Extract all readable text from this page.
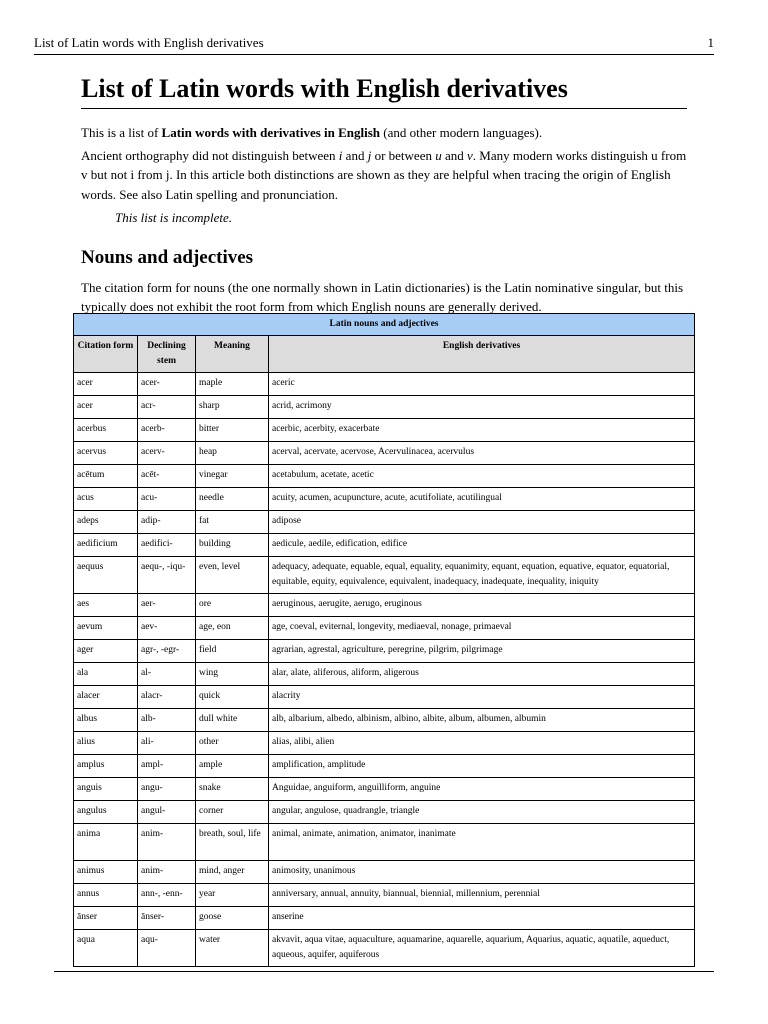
List of Latin words with English derivatives	1
List of Latin words with English derivatives

This is a list of Latin words with derivatives in English (and other modern languages).

Ancient orthography did not distinguish between i and j or between u and v. Many modern works distinguish u from v but not i from j. In this article both distinctions are shown as they are helpful when tracing the origin of English words. See also Latin spelling and pronunciation.

This list is incomplete.

Nouns and adjectives

The citation form for nouns (the one normally shown in Latin dictionaries) is the Latin nominative singular, but this typically does not exhibit the root form from which English nouns are generally derived.

Latin nouns and adjectives			
Citation form	Declining stem	Meaning	English derivatives
acer	acer-	maple	aceric
acer	acr-	sharp	acrid, acrimony
acerbus	acerb-	bitter	acerbic, acerbity, exacerbate
acervus	acerv-	heap	acerval, acervate, acervose, Acervulinacea, acervulus
acētum	acēt-	vinegar	acetabulum, acetate, acetic
acus	acu-	needle	acuity, acumen, acupuncture, acute, acutifoliate, acutilingual
adeps	adip-	fat	adipose
aedificium	aedifici-	building	aedicule, aedile, edification, edifice
aequus	aequ-, -iqu-	even, level	adequacy, adequate, equable, equal, equality, equanimity, equant, equation, equative, equator, equatorial, equitable, equity, equivalence, equivalent, inadequacy, inadequate, inequality, iniquity
aes	aer-	ore	aeruginous, aerugite, aerugo, eruginous
aevum	aev-	age, eon	age, coeval, eviternal, longevity, mediaeval, nonage, primaeval
ager	agr-, -egr-	field	agrarian, agrestal, agriculture, peregrine, pilgrim, pilgrimage
ala	al-	wing	alar, alate, aliferous, aliform, aligerous
alacer	alacr-	quick	alacrity
albus	alb-	dull white	alb, albarium, albedo, albinism, albino, albite, album, albumen, albumin
alius	ali-	other	alias, alibi, alien
amplus	ampl-	ample	amplification, amplitude
anguis	angu-	snake	Anguidae, anguiform, anguilliform, anguine
angulus	angul-	corner	angular, angulose, quadrangle, triangle
anima	anim-	breath, soul, life	animal, animate, animation, animator, inanimate
animus	anim-	mind, anger	animosity, unanimous
annus	ann-, -enn-	year	anniversary, annual, annuity, biannual, biennial, millennium, perennial
ānser	ānser-	goose	anserine
aqua	aqu-	water	akvavit, aqua vitae, aquaculture, aquamarine, aquarelle, aquarium, Aquarius, aquatic, aquatile, aqueduct, aqueous, aquifer, aquiferous
